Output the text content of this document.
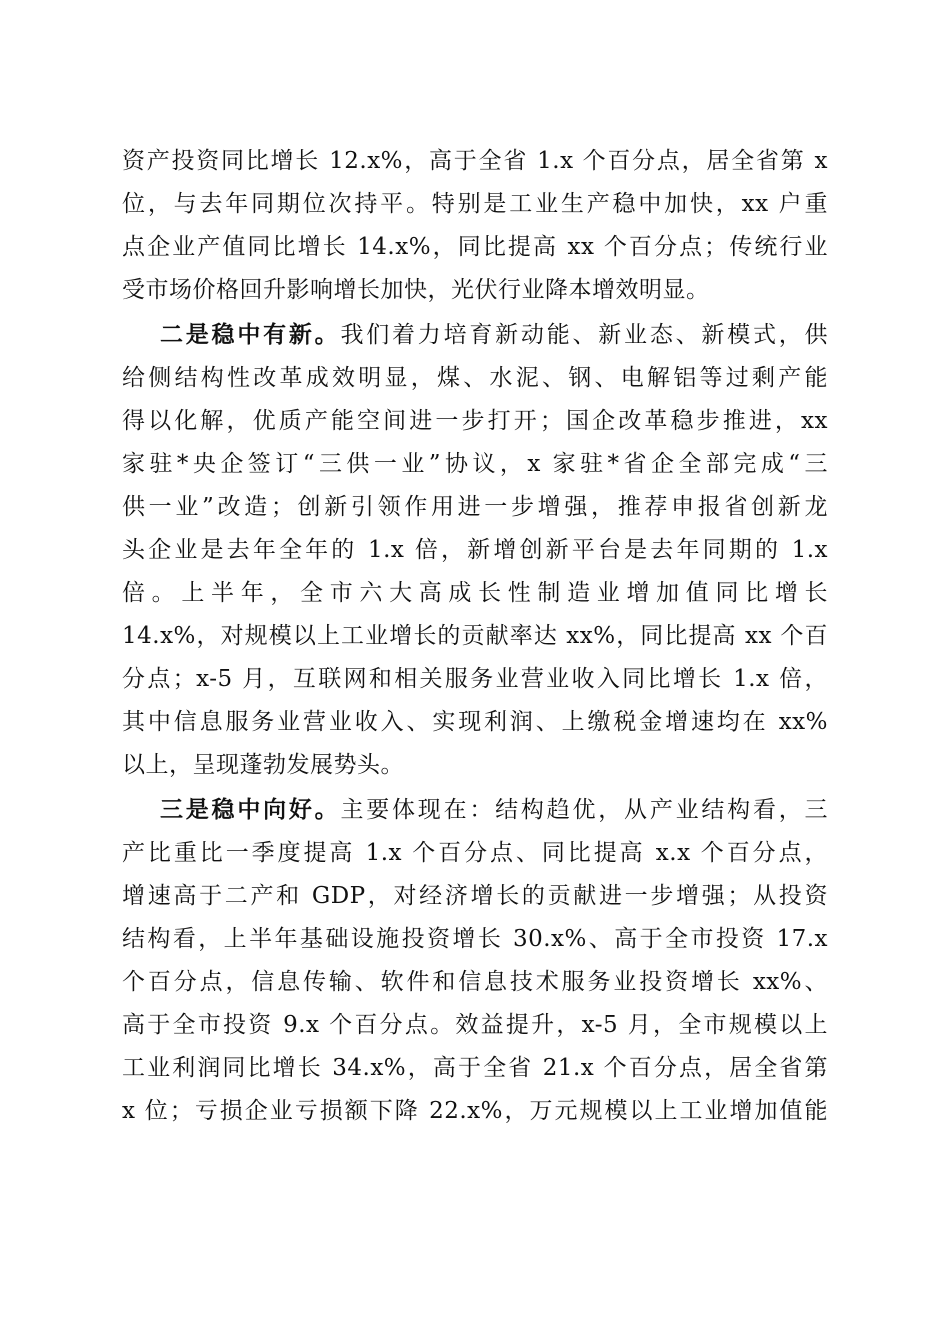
资产投资同比增长 12.x%，高于全省 1.x 个百分点，居全省第 x
位，与去年同期位次持平。特别是工业生产稳中加快，xx 户重
点企业产值同比增长 14.x%，同比提高 xx 个百分点；传统行业
受市场价格回升影响增长加快，光伏行业降本增效明显。
二是稳中有新。我们着力培育新动能、新业态、新模式，供
给侧结构性改革成效明显，煤、水泥、钢、电解铝等过剩产能
得以化解，优质产能空间进一步打开；国企改革稳步推进，xx
家驻*央企签订“三供一业”协议，x 家驻*省企全部完成“三
供一业”改造；创新引领作用进一步增强，推荐申报省创新龙
头企业是去年全年的 1.x 倍，新增创新平台是去年同期的 1.x
倍。上半年，全市六大高成长性制造业增加值同比增长
14.x%，对规模以上工业增长的贡献率达 xx%，同比提高 xx 个百
分点；x-5 月，互联网和相关服务业营业收入同比增长 1.x 倍，
其中信息服务业营业收入、实现利润、上缴税金增速均在 xx%
以上，呈现蓬勃发展势头。
三是稳中向好。主要体现在：结构趋优，从产业结构看，三
产比重比一季度提高 1.x 个百分点、同比提高 x.x 个百分点，
增速高于二产和 GDP，对经济增长的贡献进一步增强；从投资
结构看，上半年基础设施投资增长 30.x%、高于全市投资 17.x
个百分点，信息传输、软件和信息技术服务业投资增长 xx%、
高于全市投资 9.x 个百分点。效益提升，x-5 月，全市规模以上
工业利润同比增长 34.x%，高于全省 21.x 个百分点，居全省第
x 位；亏损企业亏损额下降 22.x%，万元规模以上工业增加值能
